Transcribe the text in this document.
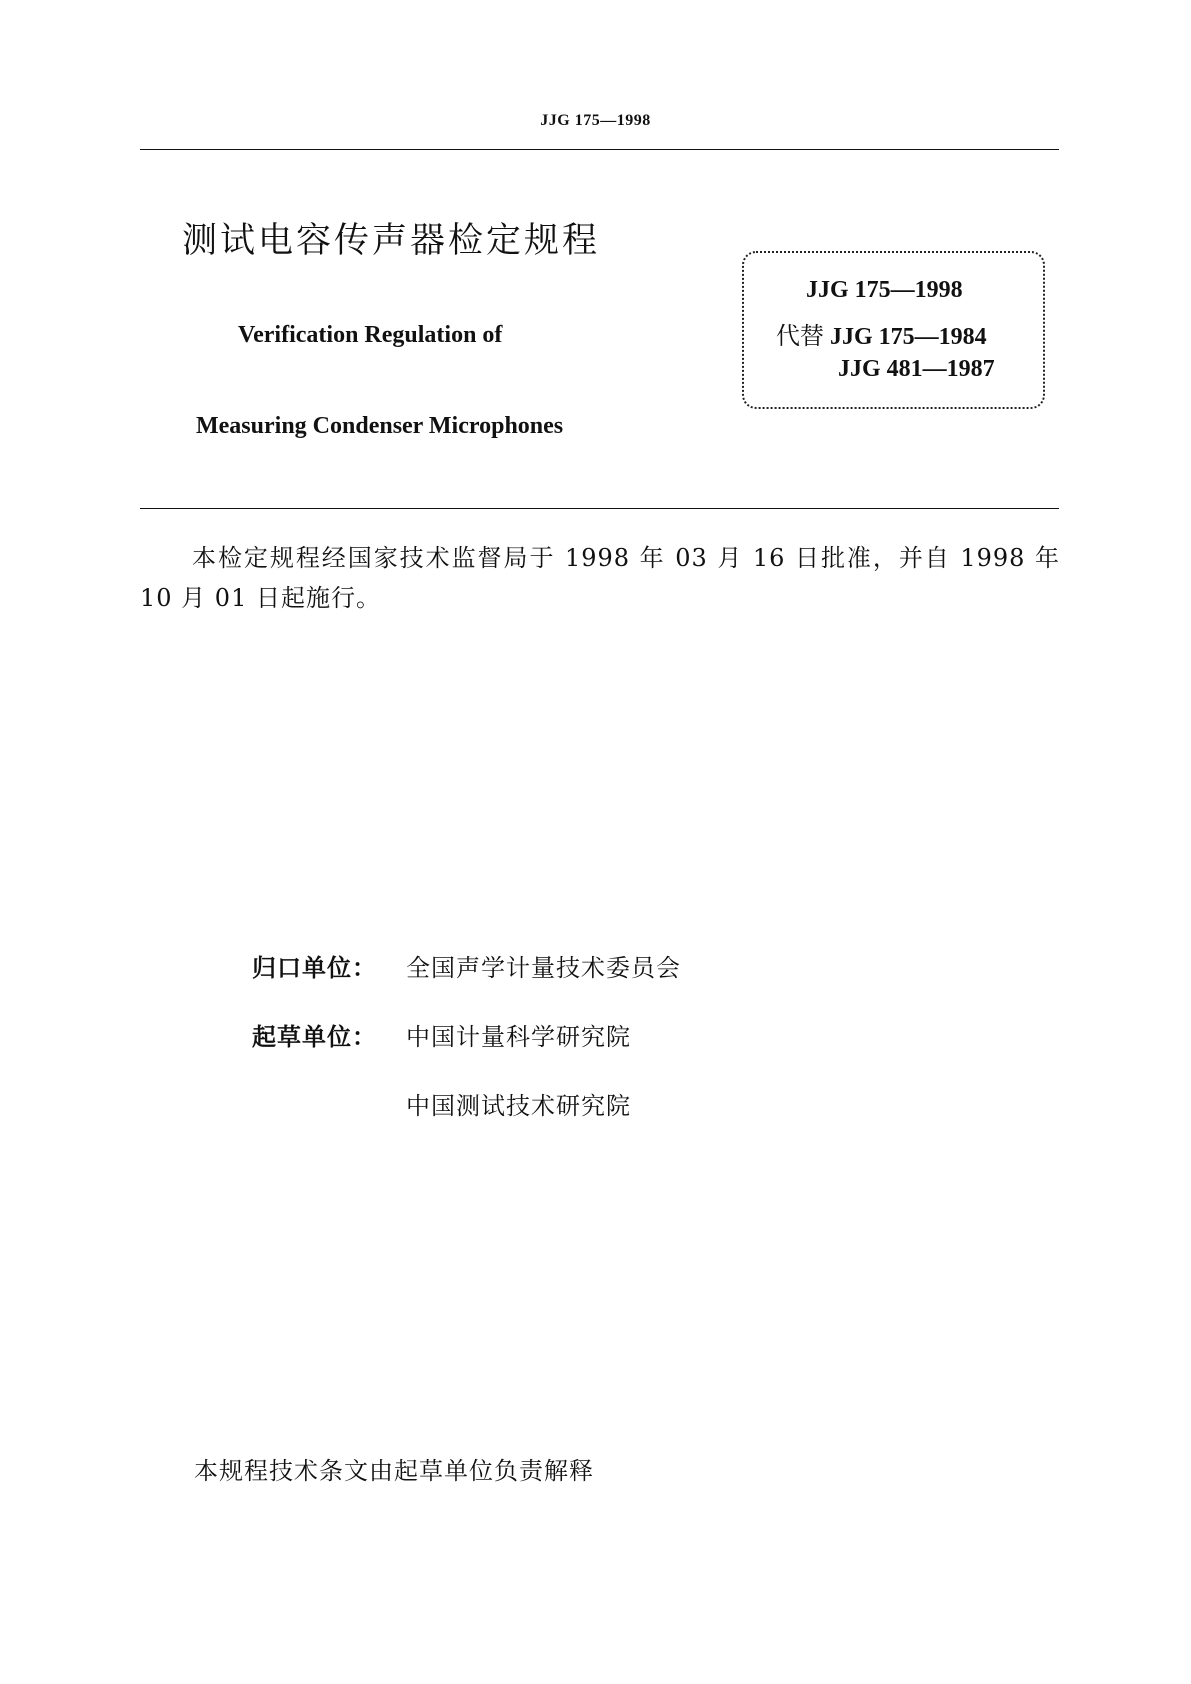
JJG 175—1998
测试电容传声器检定规程
Verification Regulation of
Measuring Condenser Microphones
JJG 175—1998
代替 JJG 175—1984
JJG 481—1987
本检定规程经国家技术监督局于 1998 年 03 月 16 日批准，并自 1998 年 10 月 01 日起施行。
归口单位： 全国声学计量技术委员会
起草单位： 中国计量科学研究院
中国测试技术研究院
本规程技术条文由起草单位负责解释
